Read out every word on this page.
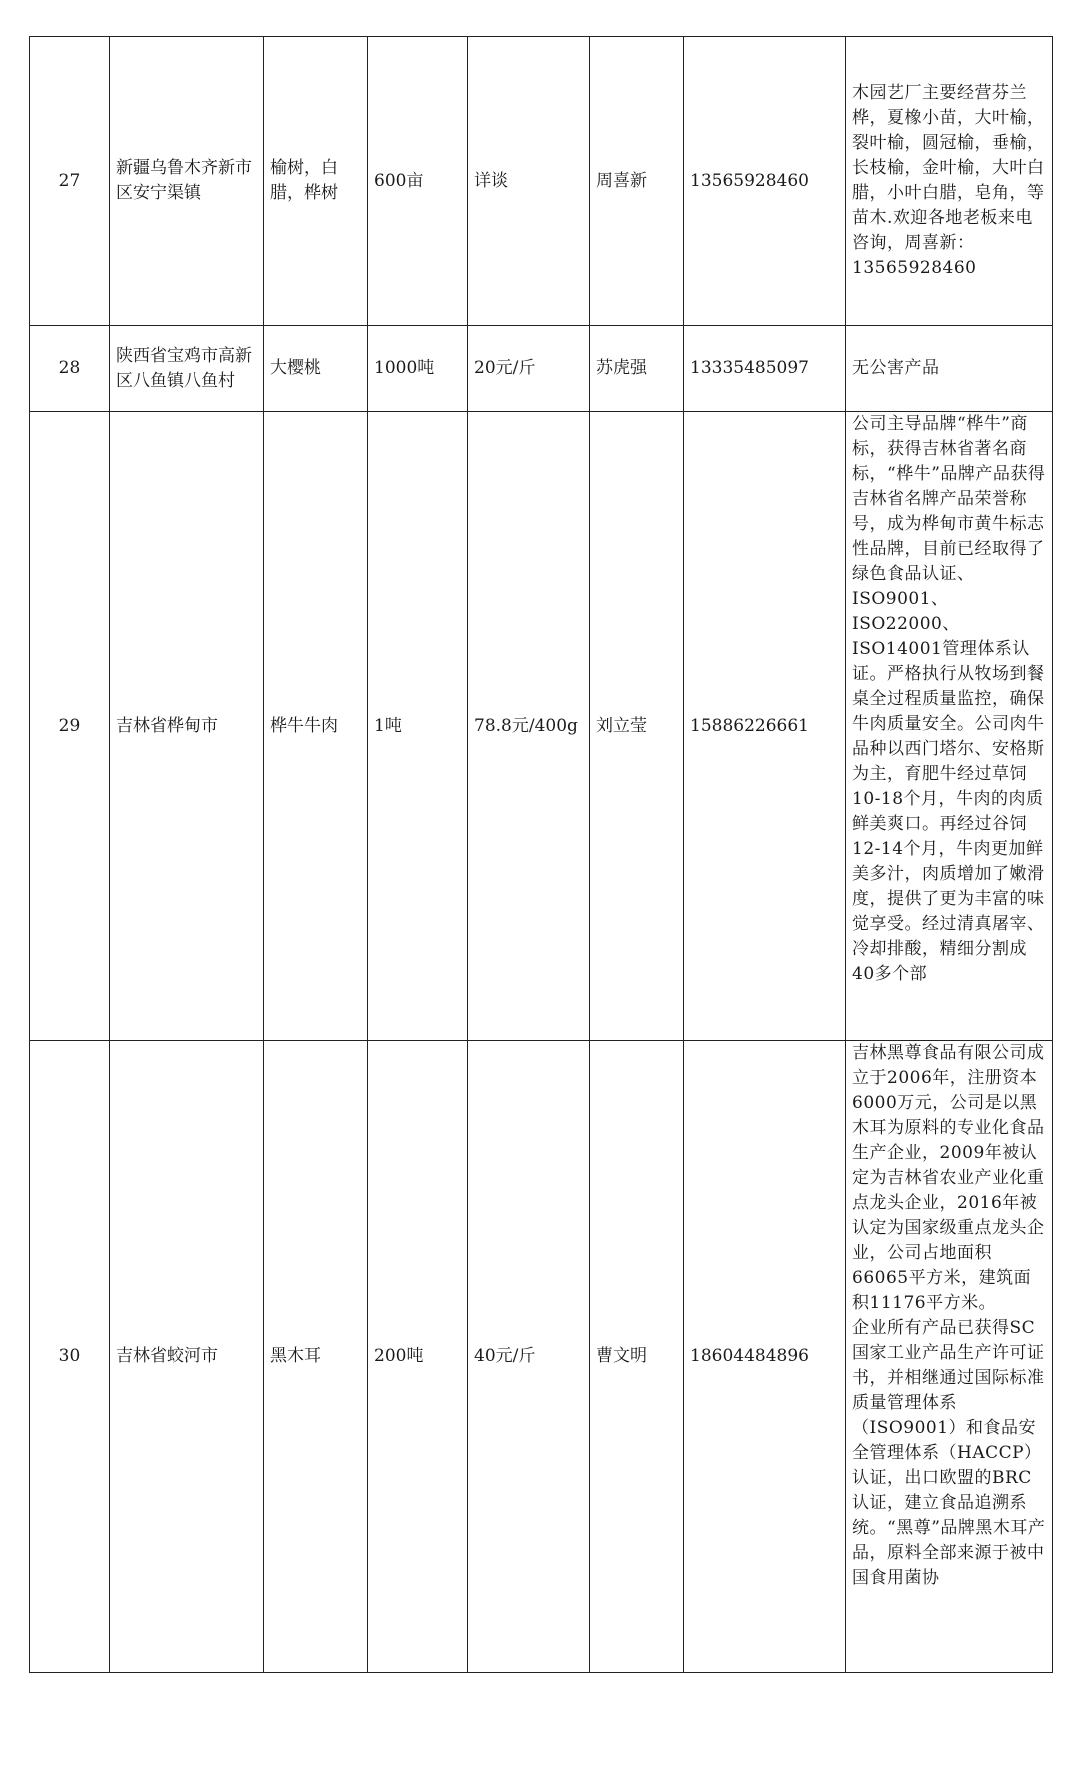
27	新疆乌鲁木齐新市区安宁渠镇	榆树，白腊，桦树	600亩	详谈	周喜新	13565928460	木园艺厂主要经营芬兰桦，夏橡小苗，大叶榆，裂叶榆，圆冠榆，垂榆，长枝榆，金叶榆，大叶白腊，小叶白腊，皂角，等苗木.欢迎各地老板来电咨询，周喜新：13565928460

28	陕西省宝鸡市高新区八鱼镇八鱼村	大樱桃	1000吨	20元/斤	苏虎强	13335485097	无公害产品
29	吉林省桦甸市	桦牛牛肉	1吨	78.8元/400g	刘立莹	15886226661	公司主导品牌“桦牛”商标，获得吉林省著名商标，“桦牛”品牌产品获得吉林省名牌产品荣誉称号，成为桦甸市黄牛标志性品牌，目前已经取得了绿色食品认证、ISO9001、ISO22000、ISO14001管理体系认证。严格执行从牧场到餐桌全过程质量监控，确保牛肉质量安全。公司肉牛品种以西门塔尔、安格斯为主，育肥牛经过草饲10-18个月，牛肉的肉质鲜美爽口。再经过谷饲12-14个月，牛肉更加鲜美多汁，肉质增加了嫩滑度，提供了更为丰富的味觉享受。经过清真屠宰、冷却排酸，精细分割成40多个部

30	吉林省蛟河市	黑木耳	200吨	40元/斤	曹文明	18604484896	吉林黑尊食品有限公司成立于2006年，注册资本6000万元，公司是以黑木耳为原料的专业化食品生产企业，2009年被认定为吉林省农业产业化重点龙头企业，2016年被认定为国家级重点龙头企业，公司占地面积66065平方米，建筑面积11176平方米。
企业所有产品已获得SC国家工业产品生产许可证书，并相继通过国际标准质量管理体系（ISO9001）和食品安全管理体系（HACCP）认证，出口欧盟的BRC认证，建立食品追溯系统。“黑尊”品牌黑木耳产品，原料全部来源于被中国食用菌协
